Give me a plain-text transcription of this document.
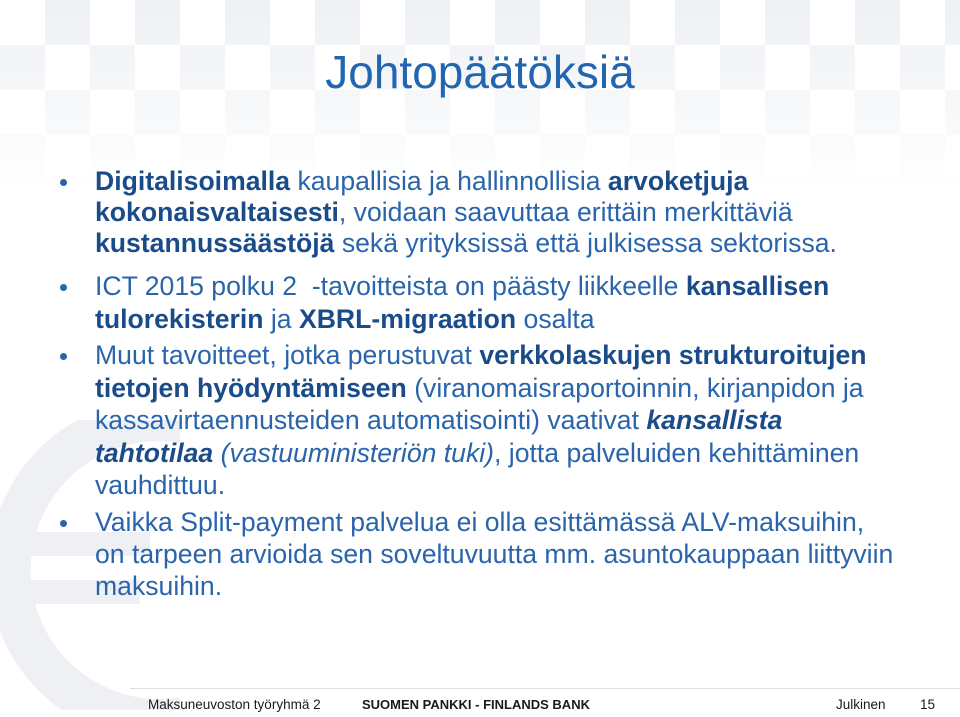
Johtopäätöksiä
Digitalisoimalla kaupallisia ja hallinnollisia arvoketjuja
kokonaisvaltaisesti, voidaan saavuttaa erittäin merkittäviä
kustannussäästöjä sekä yrityksissä että julkisessa sektorissa.
ICT 2015 polku 2  -tavoitteista on päästy liikkeelle kansallisen
tulorekisterin ja XBRL-migraation osalta
Muut tavoitteet, jotka perustuvat verkkolaskujen strukturoitujen
tietojen hyödyntämiseen (viranomaisraportoinnin, kirjanpidon ja
kassavirtaennusteiden automatisointi) vaativat kansallista
tahtotilaa (vastuuministeriön tuki), jotta palveluiden kehittäminen
vauhdittuu.
Vaikka Split-payment palvelua ei olla esittämässä ALV-maksuihin,
on tarpeen arvioida sen soveltuvuutta mm. asuntokauppaan liittyviin
maksuihin.
Maksuneuvoston työryhmä 2	SUOMEN PANKKI - FINLANDS BANK	Julkinen	15
